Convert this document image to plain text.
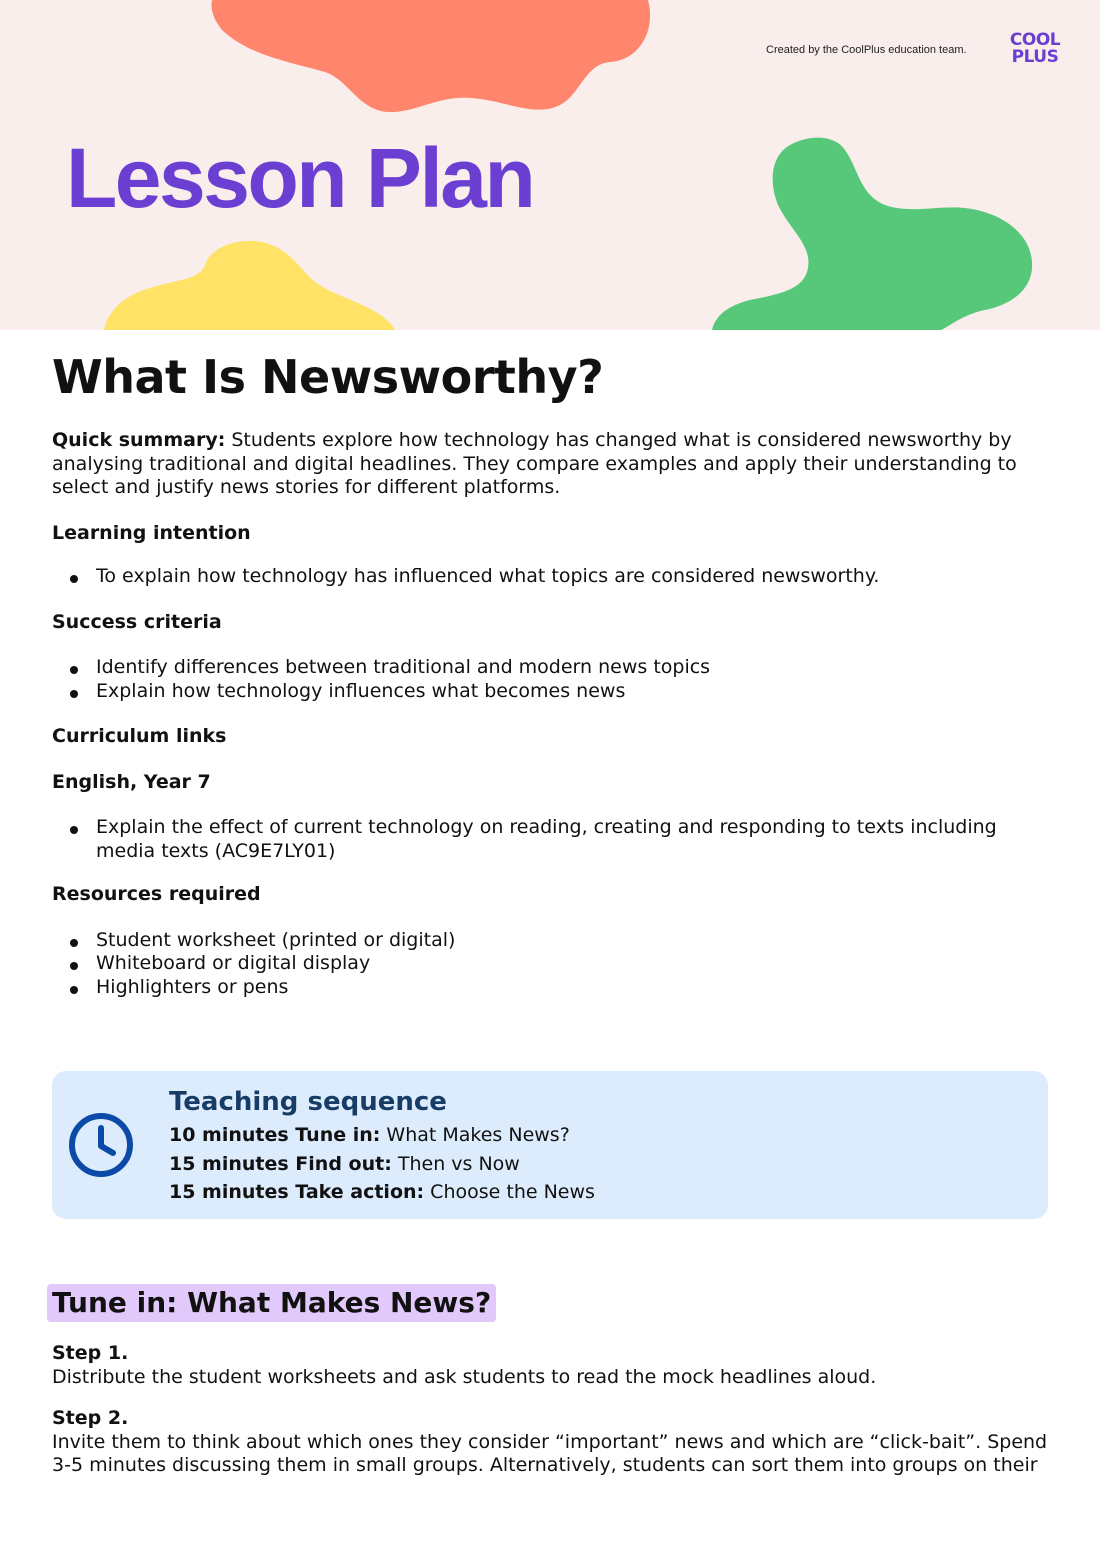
Created by the CoolPlus education team.	COOL
PLUS
Lesson Plan
What Is Newsworthy?

Quick summary: Students explore how technology has changed what is considered newsworthy by analysing traditional and digital headlines. They compare examples and apply their understanding to select and justify news stories for different platforms.

Learning intention
To explain how technology has influenced what topics are considered newsworthy.
Success criteria
Identify differences between traditional and modern news topics
Explain how technology influences what becomes news
Curriculum links
English, Year 7
Explain the effect of current technology on reading, creating and responding to texts including media texts (AC9E7LY01)
Resources required
Student worksheet (printed or digital)
Whiteboard or digital display
Highlighters or pens
Teaching sequence
10 minutes Tune in: What Makes News?
15 minutes Find out: Then vs Now
15 minutes Take action: Choose the News
Tune in: What Makes News?

Step 1.

Distribute the student worksheets and ask students to read the mock headlines aloud.

Step 2.

Invite them to think about which ones they consider “important” news and which are “click-bait”. Spend 3-5 minutes discussing them in small groups. Alternatively, students can sort them into groups on their
